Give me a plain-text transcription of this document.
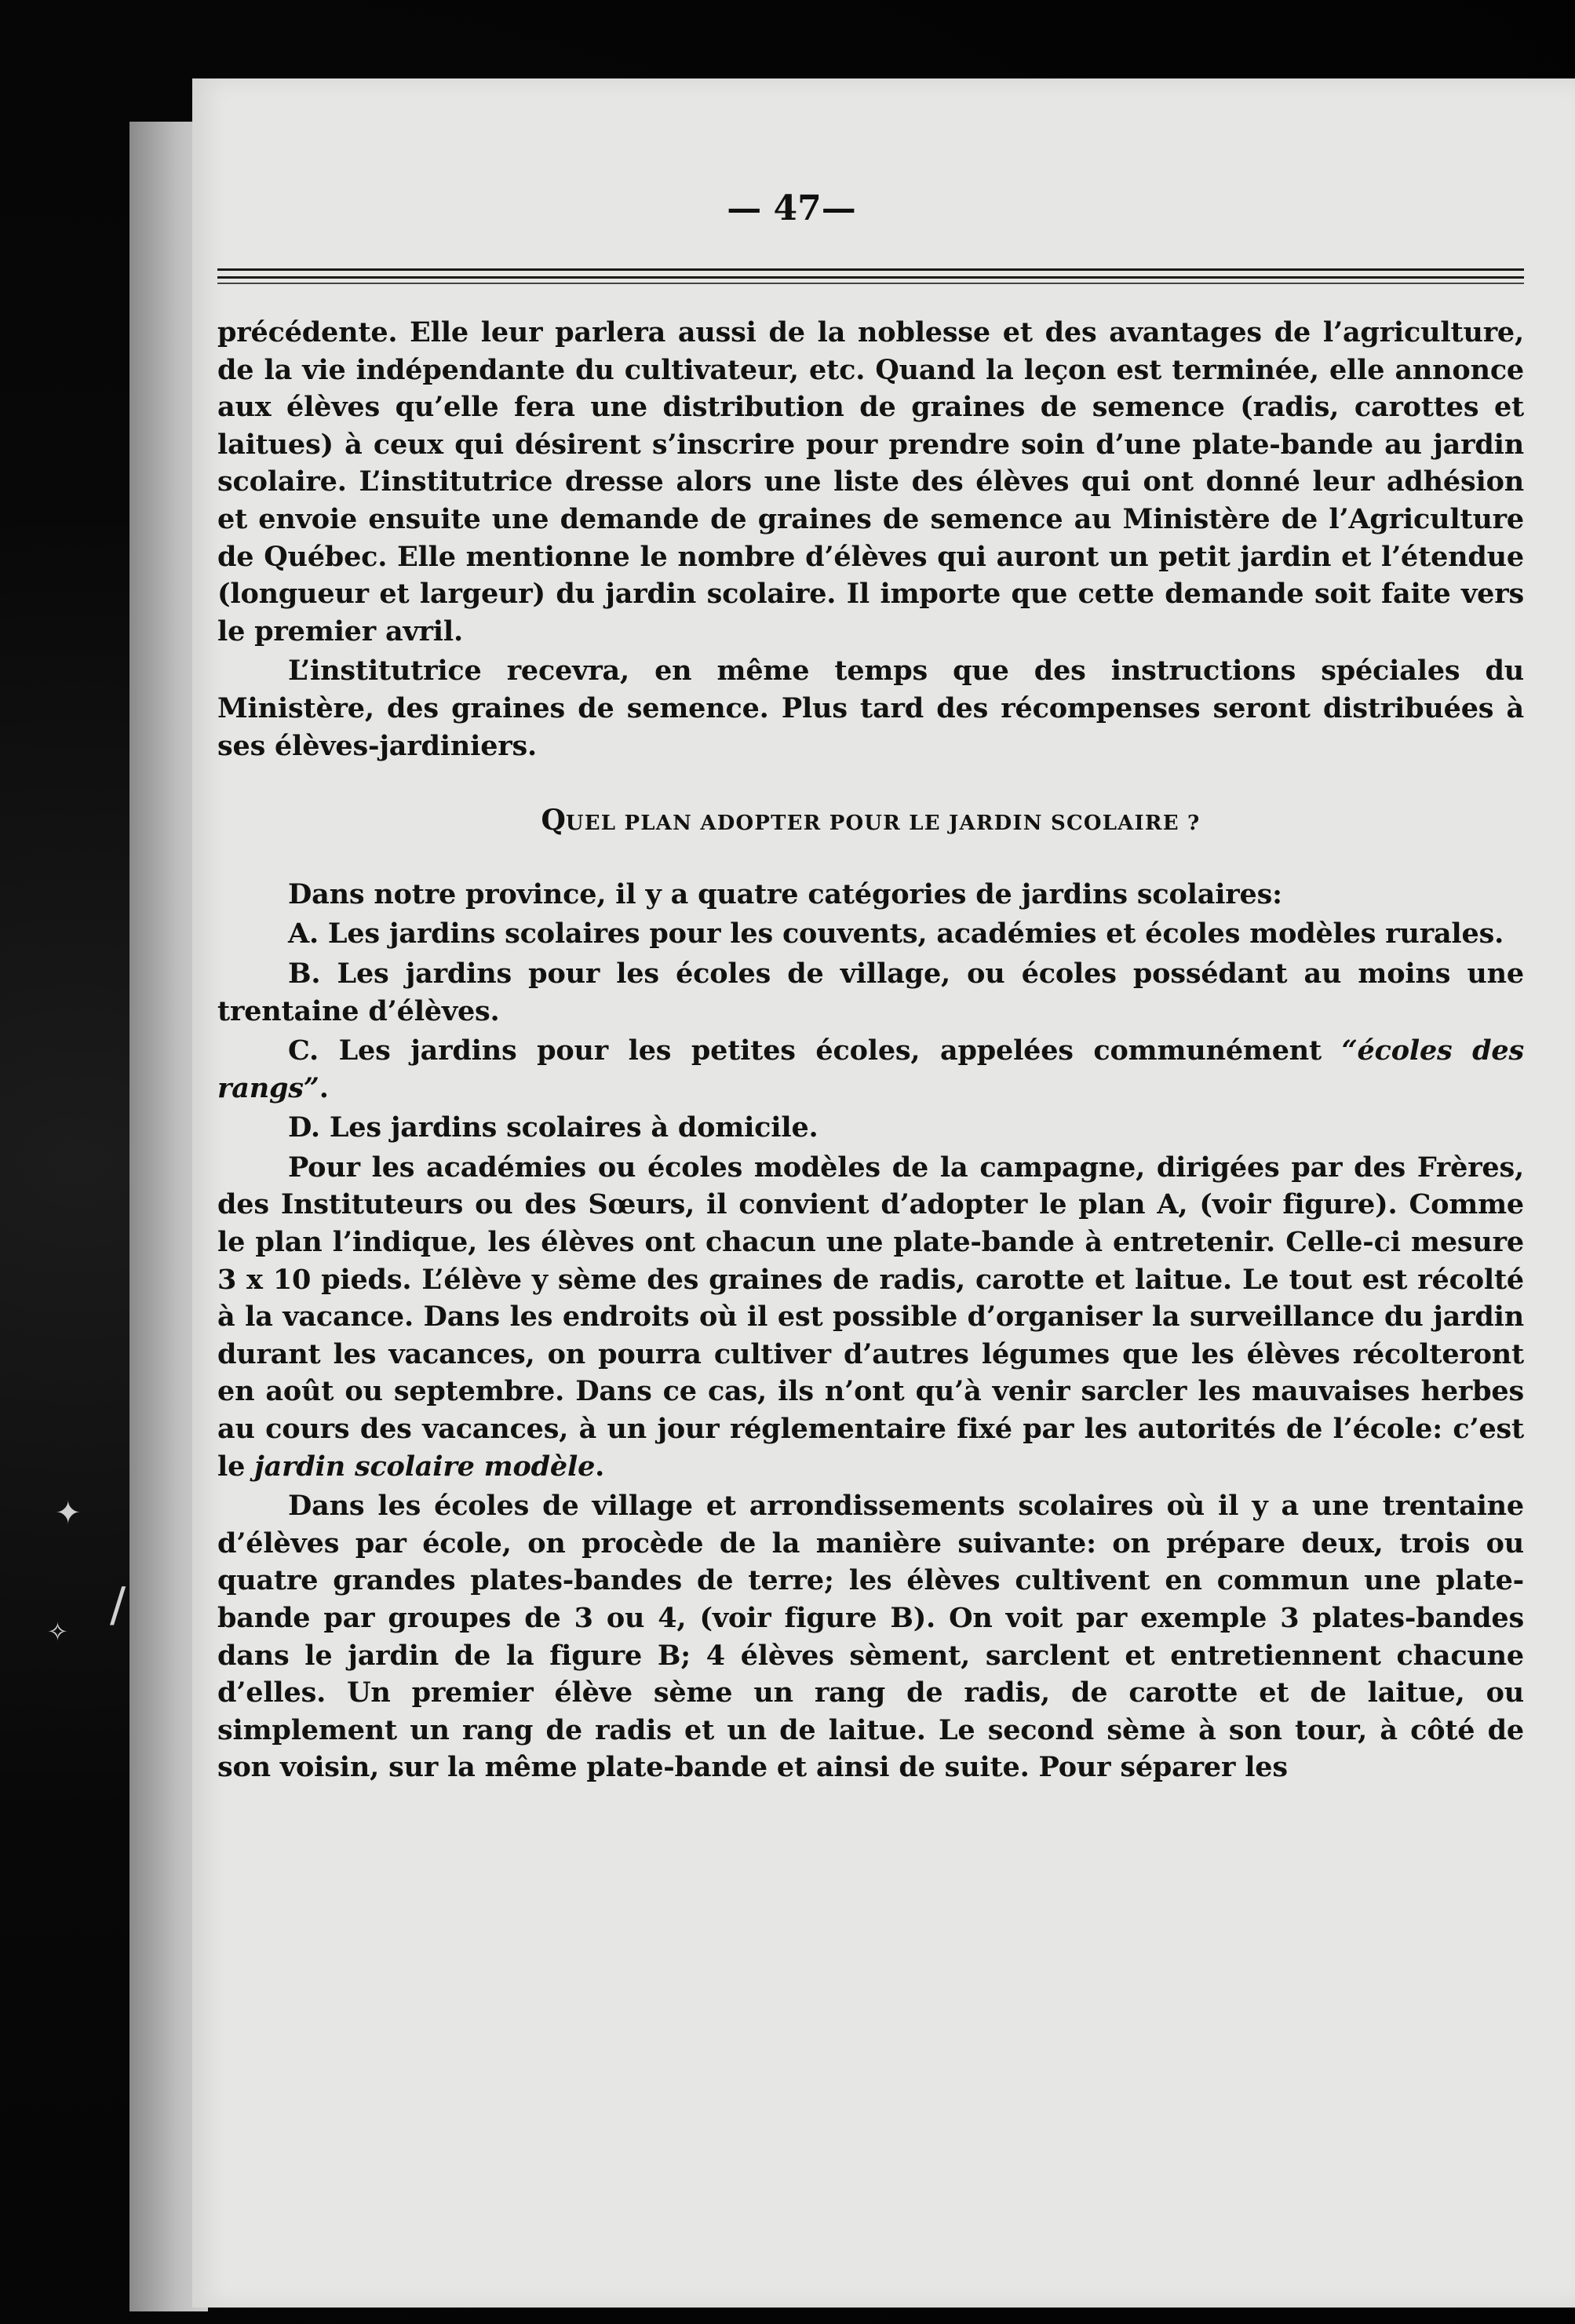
— 47—

précédente. Elle leur parlera aussi de la noblesse et des avantages de l’agriculture, de la vie indépendante du cultivateur, etc. Quand la leçon est terminée, elle annonce aux élèves qu’elle fera une distribution de graines de semence (radis, carottes et laitues) à ceux qui désirent s’inscrire pour prendre soin d’une plate-bande au jardin scolaire. L’institutrice dresse alors une liste des élèves qui ont donné leur adhésion et envoie ensuite une demande de graines de semence au Ministère de l’Agriculture de Québec. Elle mentionne le nombre d’élèves qui auront un petit jardin et l’étendue (longueur et largeur) du jardin scolaire. Il importe que cette demande soit faite vers le premier avril.

L’institutrice recevra, en même temps que des instructions spéciales du Ministère, des graines de semence. Plus tard des récompenses seront distribuées à ses élèves-jardiniers.

QUEL PLAN ADOPTER POUR LE JARDIN SCOLAIRE ?

Dans notre province, il y a quatre catégories de jardins scolaires:

A. Les jardins scolaires pour les couvents, académies et écoles modèles rurales.

B. Les jardins pour les écoles de village, ou écoles possédant au moins une trentaine d’élèves.

C. Les jardins pour les petites écoles, appelées communément “écoles des rangs”.

D. Les jardins scolaires à domicile.

Pour les académies ou écoles modèles de la campagne, dirigées par des Frères, des Instituteurs ou des Sœurs, il convient d’adopter le plan A, (voir figure). Comme le plan l’indique, les élèves ont chacun une plate-bande à entretenir. Celle-ci mesure 3 x 10 pieds. L’élève y sème des graines de radis, carotte et laitue. Le tout est récolté à la vacance. Dans les endroits où il est possible d’organiser la surveillance du jardin durant les vacances, on pourra cultiver d’autres légumes que les élèves récolteront en août ou septembre. Dans ce cas, ils n’ont qu’à venir sarcler les mauvaises herbes au cours des vacances, à un jour réglementaire fixé par les autorités de l’école: c’est le jardin scolaire modèle.

Dans les écoles de village et arrondissements scolaires où il y a une trentaine d’élèves par école, on procède de la manière suivante: on prépare deux, trois ou quatre grandes plates-bandes de terre; les élèves cultivent en commun une plate-bande par groupes de 3 ou 4, (voir figure B). On voit par exemple 3 plates-bandes dans le jardin de la figure B; 4 élèves sèment, sarclent et entretiennent chacune d’elles. Un premier élève sème un rang de radis, de carotte et de laitue, ou simplement un rang de radis et un de laitue. Le second sème à son tour, à côté de son voisin, sur la même plate-bande et ainsi de suite. Pour séparer les

✦
/
✧
